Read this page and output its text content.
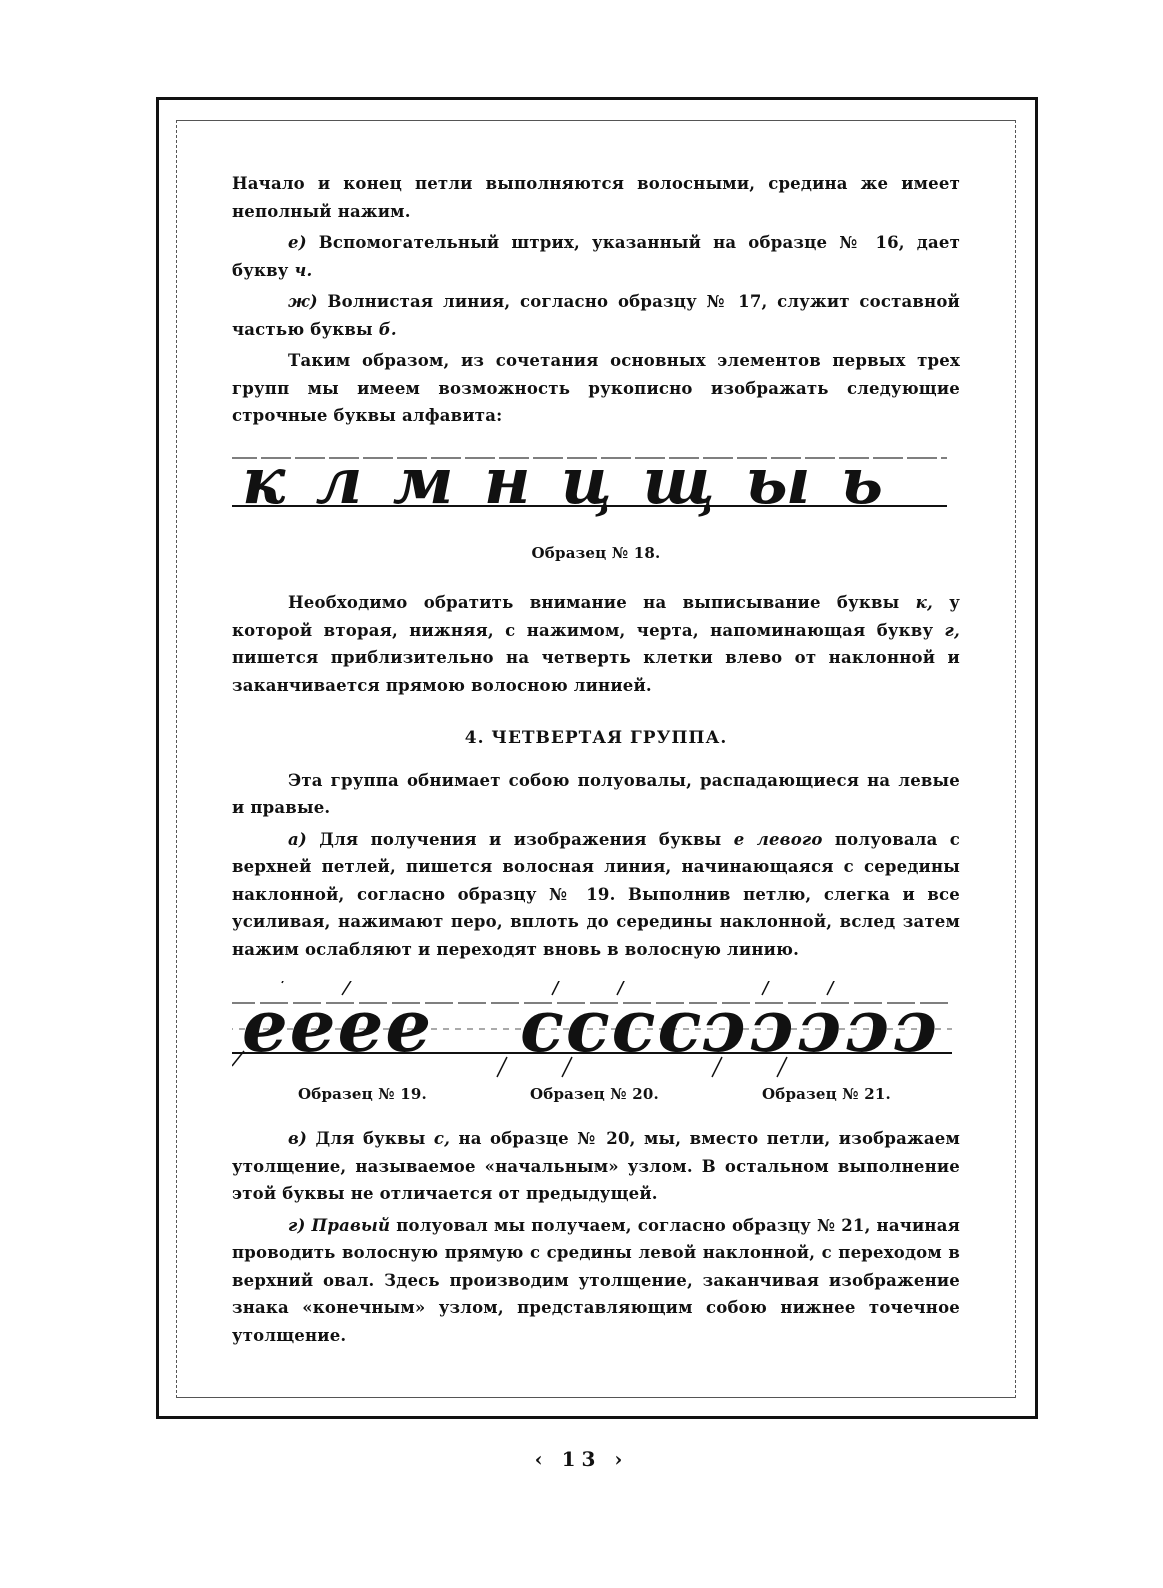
Начало и конец петли выполняются волосными, средина же имеет неполный нажим.

е) Вспомогательный штрих, указанный на образце № 16, дает букву ч.

ж) Волнистая линия, согласно образцу № 17, служит составной частью буквы б.

Таким образом, из сочетания основных элементов первых трех групп мы имеем возможность рукописно изображать следующие строчные буквы алфавита:

к л м н ц щ ы ь
Образец № 18.

Необходимо обратить внимание на выписывание буквы к, у которой вторая, нижняя, с нажимом, черта, напоминающая букву г, пишется приблизительно на четверть клетки влево от наклонной и заканчивается прямою волосною линией.

4. ЧЕТВЕРТАЯ ГРУППА.

Эта группа обнимает собою полуовалы, распадающиеся на левые и правые.

а) Для получения и изображения буквы е левого полуовала с верхней петлей, пишется волосная линия, начинающаяся с середины наклонной, согласно образцу № 19. Выполнив петлю, слегка и все усиливая, нажимают перо, вплоть до середины наклонной, вслед затем нажим ослабляют и переходят вновь в волосную линию.

eeee cccc
ɔɔɔɔɔ
Образец № 19.	Образец № 20.	Образец № 21.

в) Для буквы с, на образце № 20, мы, вместо петли, изображаем утолщение, называемое «начальным» узлом. В остальном выполнение этой буквы не отличается от предыдущей.

г) Правый полуовал мы получаем, согласно образцу № 21, начиная проводить волосную прямую с средины левой наклонной, с переходом в верхний овал. Здесь производим утолщение, заканчивая изображение знака «конечным» узлом, представляющим собою нижнее точечное утолщение.

‹ 13 ›
